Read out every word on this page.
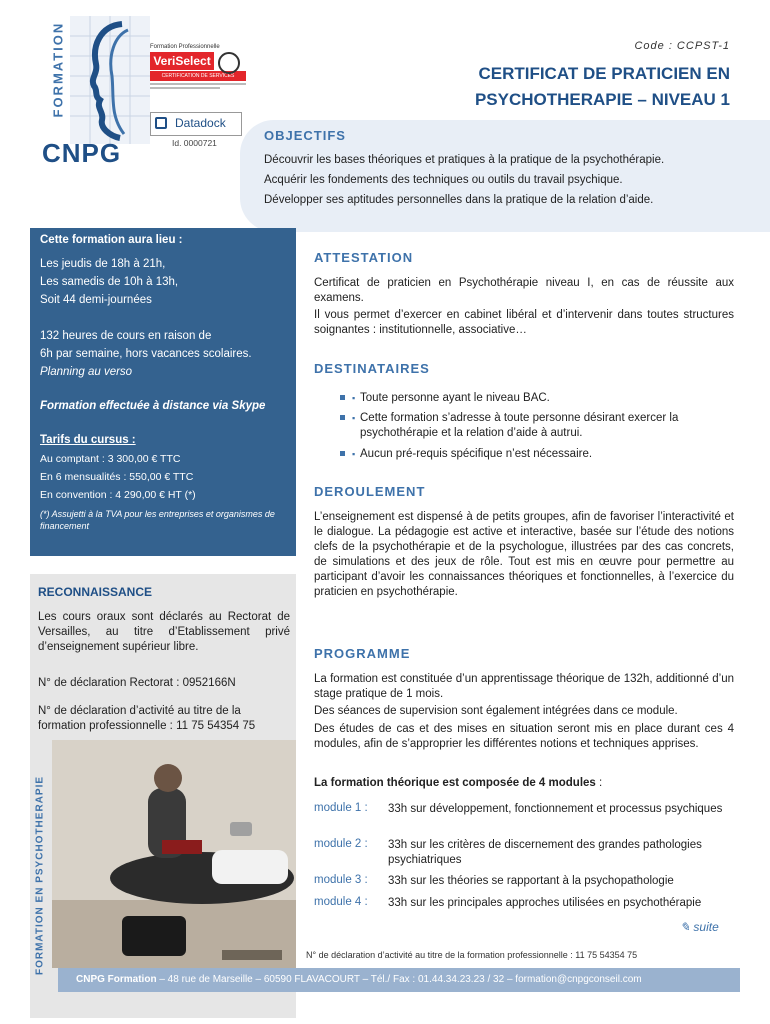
FORMATION
CNPG
Formation Professionnelle
VeriSelect
CERTIFICATION DE SERVICES
Datadock
Id. 0000721
Code : CCPST-1
CERTIFICAT DE PRATICIEN EN
PSYCHOTHERAPIE – NIVEAU 1
OBJECTIFS
Découvrir les bases théoriques et pratiques à la pratique de la psychothérapie.
Acquérir les fondements des techniques ou outils du travail psychique.
Développer ses aptitudes personnelles dans la pratique de la relation d’aide.
Cette formation aura lieu :
Les jeudis de 18h à 21h,
Les samedis de 10h à 13h,
Soit 44 demi-journées
132 heures de cours en raison de
6h par semaine, hors vacances scolaires.
Planning au verso
Formation effectuée à distance via Skype
Tarifs du cursus :
Au comptant : 3 300,00 € TTC
En 6 mensualités : 550,00 € TTC
En convention : 4 290,00 € HT (*)
(*) Assujetti à la TVA pour les entreprises et organismes de financement
RECONNAISSANCE
Les cours oraux sont déclarés au Rectorat de Versailles, au titre d’Etablissement privé d’enseignement supérieur libre.
N° de déclaration Rectorat : 0952166N
N° de déclaration d’activité au titre de la formation professionnelle : 11 75 54354 75
FORMATION EN PSYCHOTHERAPIE
ATTESTATION
Certificat de praticien en Psychothérapie niveau I, en cas de réussite aux examens.
Il vous permet d’exercer en cabinet libéral et d’intervenir dans toutes structures soignantes : institutionnelle, associative…
DESTINATAIRES
▪ Toute personne ayant le niveau BAC.
▪ Cette formation s’adresse à toute personne désirant exercer la psychothérapie et la relation d’aide à autrui.
▪ Aucun pré-requis spécifique n’est nécessaire.
DEROULEMENT
L’enseignement est dispensé à de petits groupes, afin de favoriser l’interactivité et le dialogue. La pédagogie est active et interactive, basée sur l’étude des notions clefs de la psychothérapie et de la psychologue, illustrées par des cas concrets, de simulations et des jeux de rôle. Tout est mis en œuvre pour permettre au participant d’avoir les connaissances théoriques et fonctionnelles, à l’exercice du praticien en psychothérapie.
PROGRAMME
La formation est constituée d’un apprentissage théorique de 132h, additionné d’un stage pratique de 1 mois.
Des séances de supervision sont également intégrées dans ce module.
Des études de cas et des mises en situation seront mis en place durant ces 4 modules, afin de s’approprier les différentes notions et techniques apprises.
La formation théorique est composée de 4 modules :
module 1 : 33h sur développement, fonctionnement et processus psychiques
module 2 : 33h sur les critères de discernement des grandes pathologies psychiatriques
module 3 : 33h sur les théories se rapportant à la psychopathologie
module 4 : 33h sur les principales approches utilisées en psychothérapie
✎ suite
N° de déclaration d’activité au titre de la formation professionnelle : 11 75 54354 75
CNPG Formation – 48 rue de Marseille – 60590 FLAVACOURT – Tél./ Fax : 01.44.34.23.23 / 32 – formation@cnpgconseil.com
